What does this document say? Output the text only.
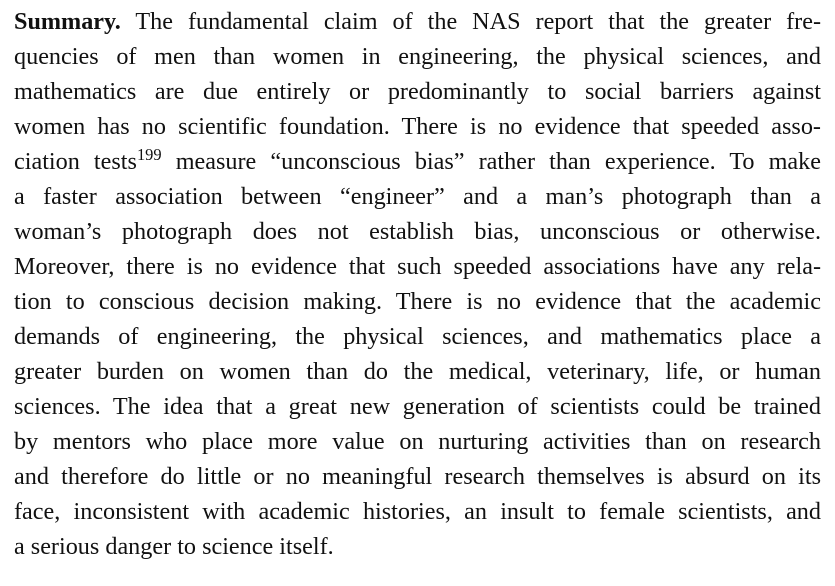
Summary. The fundamental claim of the NAS report that the greater fre-
quencies of men than women in engineering, the physical sciences, and
mathematics are due entirely or predominantly to social barriers against
women has no scientific foundation. There is no evidence that speeded asso-
ciation tests$^{199}$ measure “unconscious bias” rather than experience. To make
a faster association between “engineer” and a man’s photograph than a
woman’s photograph does not establish bias, unconscious or otherwise.
Moreover, there is no evidence that such speeded associations have any rela-
tion to conscious decision making. There is no evidence that the academic
demands of engineering, the physical sciences, and mathematics place a
greater burden on women than do the medical, veterinary, life, or human
sciences. The idea that a great new generation of scientists could be trained
by mentors who place more value on nurturing activities than on research
and therefore do little or no meaningful research themselves is absurd on its
face, inconsistent with academic histories, an insult to female scientists, and
a serious danger to science itself.
